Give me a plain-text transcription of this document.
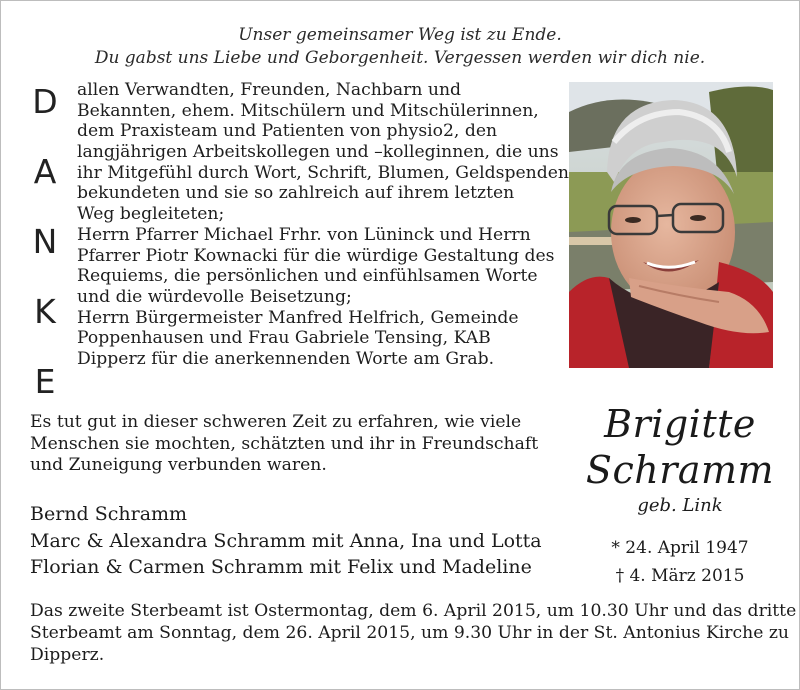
Unser gemeinsamer Weg ist zu Ende.
Du gabst uns Liebe und Geborgenheit. Vergessen werden wir dich nie.
D
A
N
K
E
allen Verwandten, Freunden, Nachbarn und
Bekannten, ehem. Mitschülern und Mitschülerinnen,
dem Praxisteam und Patienten von physio2, den
langjährigen Arbeitskollegen und –kolleginnen, die uns
ihr Mitgefühl durch Wort, Schrift, Blumen, Geldspenden
bekundeten und sie so zahlreich auf ihrem letzten
Weg begleiteten;
Herrn Pfarrer Michael Frhr. von Lüninck und Herrn
Pfarrer Piotr Kownacki für die würdige Gestaltung des
Requiems, die persönlichen und einfühlsamen Worte
und die würdevolle Beisetzung;
Herrn Bürgermeister Manfred Helfrich, Gemeinde
Poppenhausen und Frau Gabriele Tensing, KAB
Dipperz für die anerkennenden Worte am Grab.
Es tut gut in dieser schweren Zeit zu erfahren, wie viele
Menschen sie mochten, schätzten und ihr in Freundschaft
und Zuneigung verbunden waren.
Bernd Schramm
Marc & Alexandra Schramm mit Anna, Ina und Lotta
Florian & Carmen Schramm mit Felix und Madeline
Brigitte
Schramm
geb. Link
* 24. April 1947
† 4. März 2015
Das zweite Sterbeamt ist Ostermontag, dem 6. April 2015, um 10.30 Uhr und das dritte
Sterbeamt am Sonntag, dem 26. April 2015, um 9.30 Uhr in der St. Antonius Kirche zu
Dipperz.
